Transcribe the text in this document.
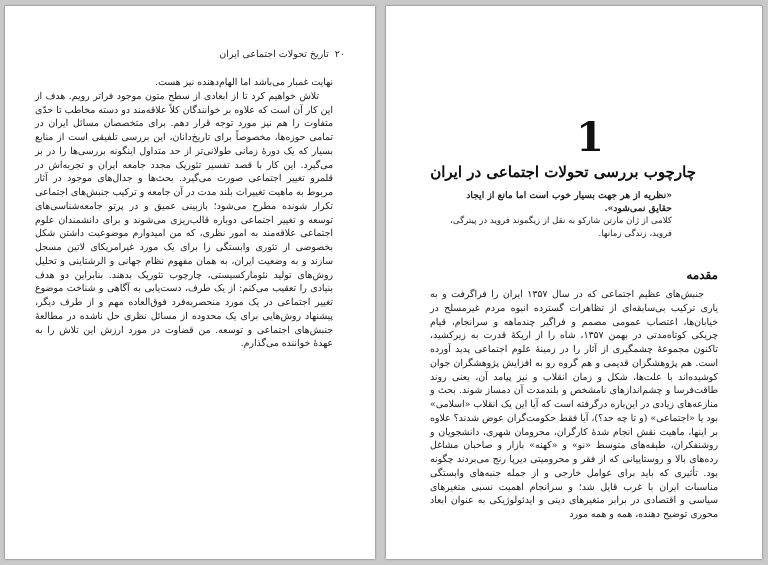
۲۰
تاریخ تحولات اجتماعی ایران

نهایت غمبار می‌باشد اما الهام‌دهنده نیز هست.

تلاش خواهیم کرد تا از ابعادی از سطح متون موجود فراتر رویم. هدف از این کار آن است که علاوه بر خوانندگان کلاً علاقه‌مند دو دسته مخاطب تا حدّی متفاوت را هم نیز مورد توجه قرار دهم. برای متخصصان مسائل ایران در تمامی حوزه‌ها، مخصوصاً برای تاریخ‌دانان، این بررسی تلفیقی است از منابع بسیار که یک دورهٔ زمانی طولانی‌تر از حد متداول اینگونه بررسی‌ها را در بر می‌گیرد. این کار با قصد تفسیر تئوریک مجدد جامعه ایران و تجربه‌اش در قلمرو تغییر اجتماعی صورت می‌گیرد. بحث‌ها و جدال‌های موجود در آثار مربوط به ماهیت تغییرات بلند مدت در آن جامعه و ترکیب جنبش‌های اجتماعی تکرار شونده مطرح می‌شود؛ بازبینی عمیق و در پرتو جامعه‌شناسی‌های توسعه و تغییر اجتماعی دوباره قالب‌ریزی می‌شوند و برای دانشمندان علوم اجتماعی علاقه‌مند به امور نظری، که من امیدوارم موضوعیت داشتن شکل بخصوصی از تئوری وابستگی را برای یک مورد غیرامریکای لاتین مسجل سازند و به وضعیت ایران، به همان مفهوم نظام جهانی و الرشتاینی و تحلیل روش‌های تولید نئومارکسیستی، چارچوب تئوریک بدهند. بنابراین دو هدف بنیادی را تعقیب می‌کنم: از یک طرف، دست‌یابی به آگاهی و شناخت موضوع تغییر اجتماعی در یک مورد منحصربه‌فرد فوق‌العاده مهم و از طرف دیگر، پیشنهاد روش‌هایی برای یک محدوده از مسائل نظری حل ناشده در مطالعهٔ جنبش‌های اجتماعی و توسعه. من قضاوت در مورد ارزش این تلاش را به عهدهٔ خواننده می‌گذارم.

1
چارچوب بررسی تحولات اجتماعی در ایران

«نظریه از هر جهت بسیار خوب است اما مانع از ایجاد حقایق نمی‌شود».

کلامی از ژان مارتن شارکو به نقل از زیگموند فروید در پیترگی، فروید، زندگی زمانها.

مقدمه

جنبش‌های عظیم اجتماعی که در سال ۱۳۵۷ ایران را فراگرفت و به یاری ترکیب بی‌سابقه‌ای از تظاهرات گسترده انبوه مردم غیرمسلح در خیابان‌ها، اعتصاب عمومی مصمم و فراگیر چندماهه و سرانجام، قیام چریکی کوتاه‌مدتی در بهمن ۱۳۵۷، شاه را از اریکهٔ قدرت به زیرکشید، تاکنون مجموعهٔ چشمگیری از آثار را در زمینهٔ علوم اجتماعی پدید آورده است. هم پژوهشگران قدیمی و هم گروه رو به افزایش پژوهشگران جوان کوشیده‌اند با علت‌ها، شکل و زمان انقلاب و نیز پیامد آن، یعنی روند طاقت‌فرسا و چشم‌اندازهای نامشخص و بلندمدت آن دمساز شوند. بحث و منازعه‌های زیادی در این‌باره درگرفته است که آیا این یک انقلاب «اسلامی» بود یا «اجتماعی» (و تا چه حد؟)، آیا فقط حکومت‌گران عوض شدند؟ علاوه بر اینها، ماهیت نقش انجام شدهٔ کارگران، محرومان شهری، دانشجویان و روشنفکران، طبقه‌های متوسط «نو» و «کهنه» بازار و صاحبان مشاغل رده‌های بالا و روستاییانی که از فقر و محرومیتی دیرپا رنج می‌بردند چگونه بود. تأثیری که باید برای عوامل خارجی و از جمله جنبه‌های وابستگی مناسبات ایران با غرب قایل شد؛ و سرانجام اهمیت نسبی متغیرهای سیاسی و اقتصادی در برابر متغیرهای دینی و ایدئولوژیکی به عنوان ابعاد محوری توضیح دهنده، همه و همه مورد
